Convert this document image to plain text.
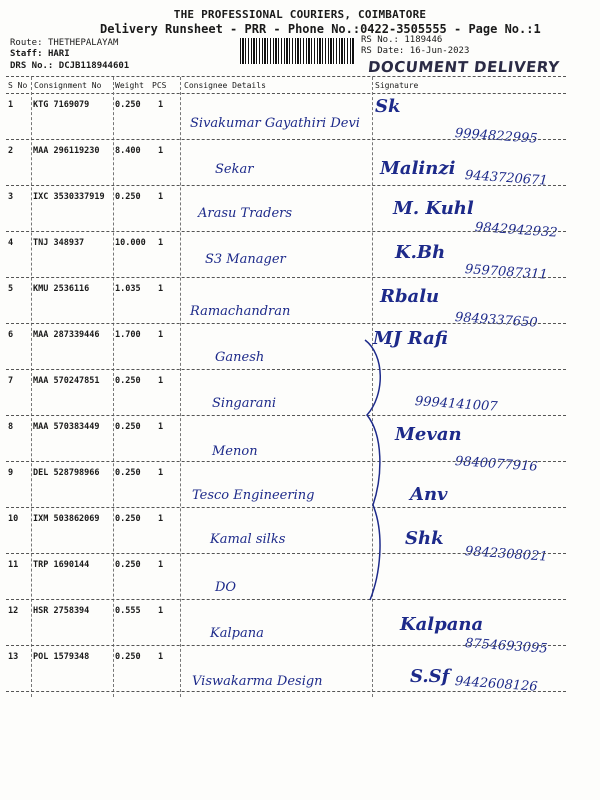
THE PROFESSIONAL COURIERS, COIMBATORE
Delivery Runsheet - PRR - Phone No.:0422-3505555 - Page No.:1
Route: THETHEPALAYAM
Staff: HARI
DRS No.: DCJB118944601
RS No.: 1189446
RS Date: 16-Jun-2023
DOCUMENT DELIVERY
S No Consignment No Weight PCS Consignee Details	Signature
1 KTG 7169079	0.250 1
Sivakumar Gayathiri Devi
Sk
9994822995
2 MAA 296119230 8.400 1
Sekar	Malinzi 9443720671
3 IXC 3530337919 0.250 1
Arasu Traders	M. Kuhl
9842942932
4 TNJ 348937	10.000 1
S3 Manager	K.Bh
9597087311
5 KMU 2536116	1.035 1
Ramachandran
Rbalu
9849337650
6 MAA 287339446 1.700 1
Ganesh
MJ Rafi
7 MAA 570247851 0.250 1
Singarani	9994141007
8 MAA 570383449 0.250 1
Menon
Mevan
9840077916
9 DEL 528798966 0.250 1
Tesco Engineering	Anv
10 IXM 503862069 0.250 1
Kamal silks	Shk
9842308021
11 TRP 1690144	0.250 1
DO
12 HSR 2758394	0.555 1
Kalpana	Kalpana
8754693095
13 POL 1579348	0.250 1
Viswakarma Design	S.Sf 9442608126
